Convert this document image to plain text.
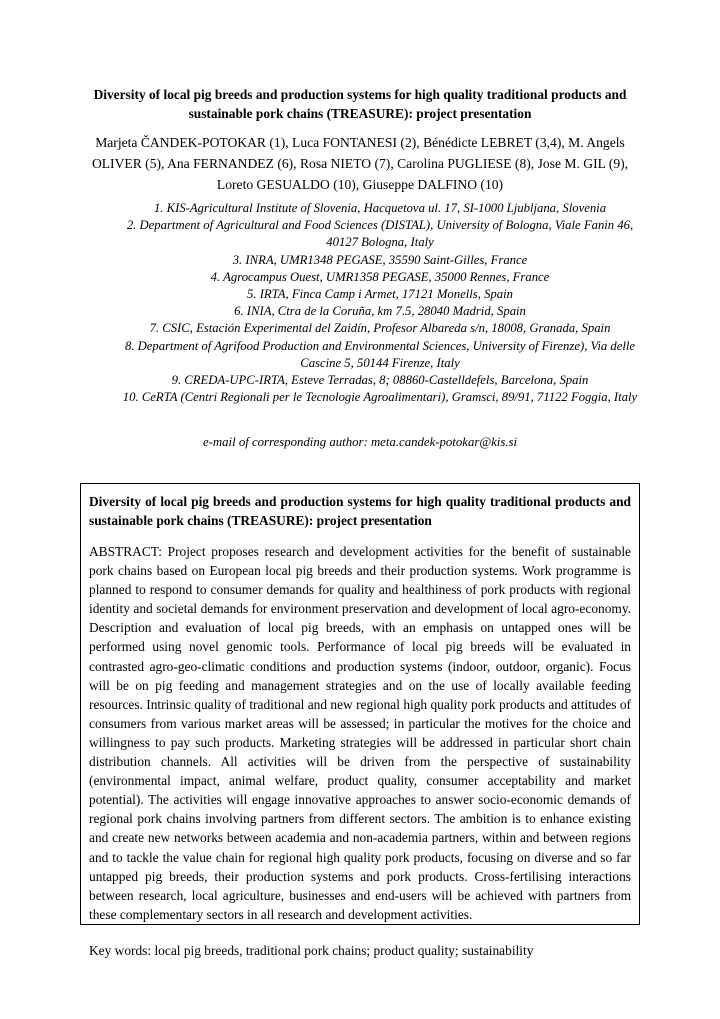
Diversity of local pig breeds and production systems for high quality traditional products and sustainable pork chains (TREASURE): project presentation
Marjeta ČANDEK-POTOKAR (1), Luca FONTANESI (2), Bénédicte LEBRET (3,4), M. Angels OLIVER (5), Ana FERNANDEZ (6), Rosa NIETO (7), Carolina PUGLIESE (8), Jose M. GIL (9), Loreto GESUALDO (10), Giuseppe DALFINO (10)
1. KIS-Agricultural Institute of Slovenia, Hacquetova ul. 17, SI-1000 Ljubljana, Slovenia
2. Department of Agricultural and Food Sciences (DISTAL), University of Bologna, Viale Fanin 46, 40127 Bologna, Italy
3. INRA, UMR1348 PEGASE, 35590 Saint-Gilles, France
4. Agrocampus Ouest, UMR1358 PEGASE, 35000 Rennes, France
5. IRTA, Finca Camp i Armet, 17121 Monells, Spain
6. INIA, Ctra de la Coruña, km 7.5, 28040 Madrid, Spain
7. CSIC, Estación Experimental del Zaidín, Profesor Albareda s/n, 18008, Granada, Spain
8. Department of Agrifood Production and Environmental Sciences, University of Firenze), Via delle Cascine 5, 50144 Firenze, Italy
9. CREDA-UPC-IRTA, Esteve Terradas, 8; 08860-Castelldefels, Barcelona, Spain
10. CeRTA (Centri Regionali per le Tecnologie Agroalimentari), Gramsci, 89/91, 71122 Foggia, Italy
e-mail of corresponding author: meta.candek-potokar@kis.si

Diversity of local pig breeds and production systems for high quality traditional products and sustainable pork chains (TREASURE): project presentation

ABSTRACT: Project proposes research and development activities for the benefit of sustainable pork chains based on European local pig breeds and their production systems. Work programme is planned to respond to consumer demands for quality and healthiness of pork products with regional identity and societal demands for environment preservation and development of local agro-economy. Description and evaluation of local pig breeds, with an emphasis on untapped ones will be performed using novel genomic tools. Performance of local pig breeds will be evaluated in contrasted agro-geo-climatic conditions and production systems (indoor, outdoor, organic). Focus will be on pig feeding and management strategies and on the use of locally available feeding resources. Intrinsic quality of traditional and new regional high quality pork products and attitudes of consumers from various market areas will be assessed; in particular the motives for the choice and willingness to pay such products. Marketing strategies will be addressed in particular short chain distribution channels. All activities will be driven from the perspective of sustainability (environmental impact, animal welfare, product quality, consumer acceptability and market potential). The activities will engage innovative approaches to answer socio-economic demands of regional pork chains involving partners from different sectors. The ambition is to enhance existing and create new networks between academia and non-academia partners, within and between regions and to tackle the value chain for regional high quality pork products, focusing on diverse and so far untapped pig breeds, their production systems and pork products. Cross-fertilising interactions between research, local agriculture, businesses and end-users will be achieved with partners from these complementary sectors in all research and development activities.

Key words: local pig breeds, traditional pork chains; product quality; sustainability
